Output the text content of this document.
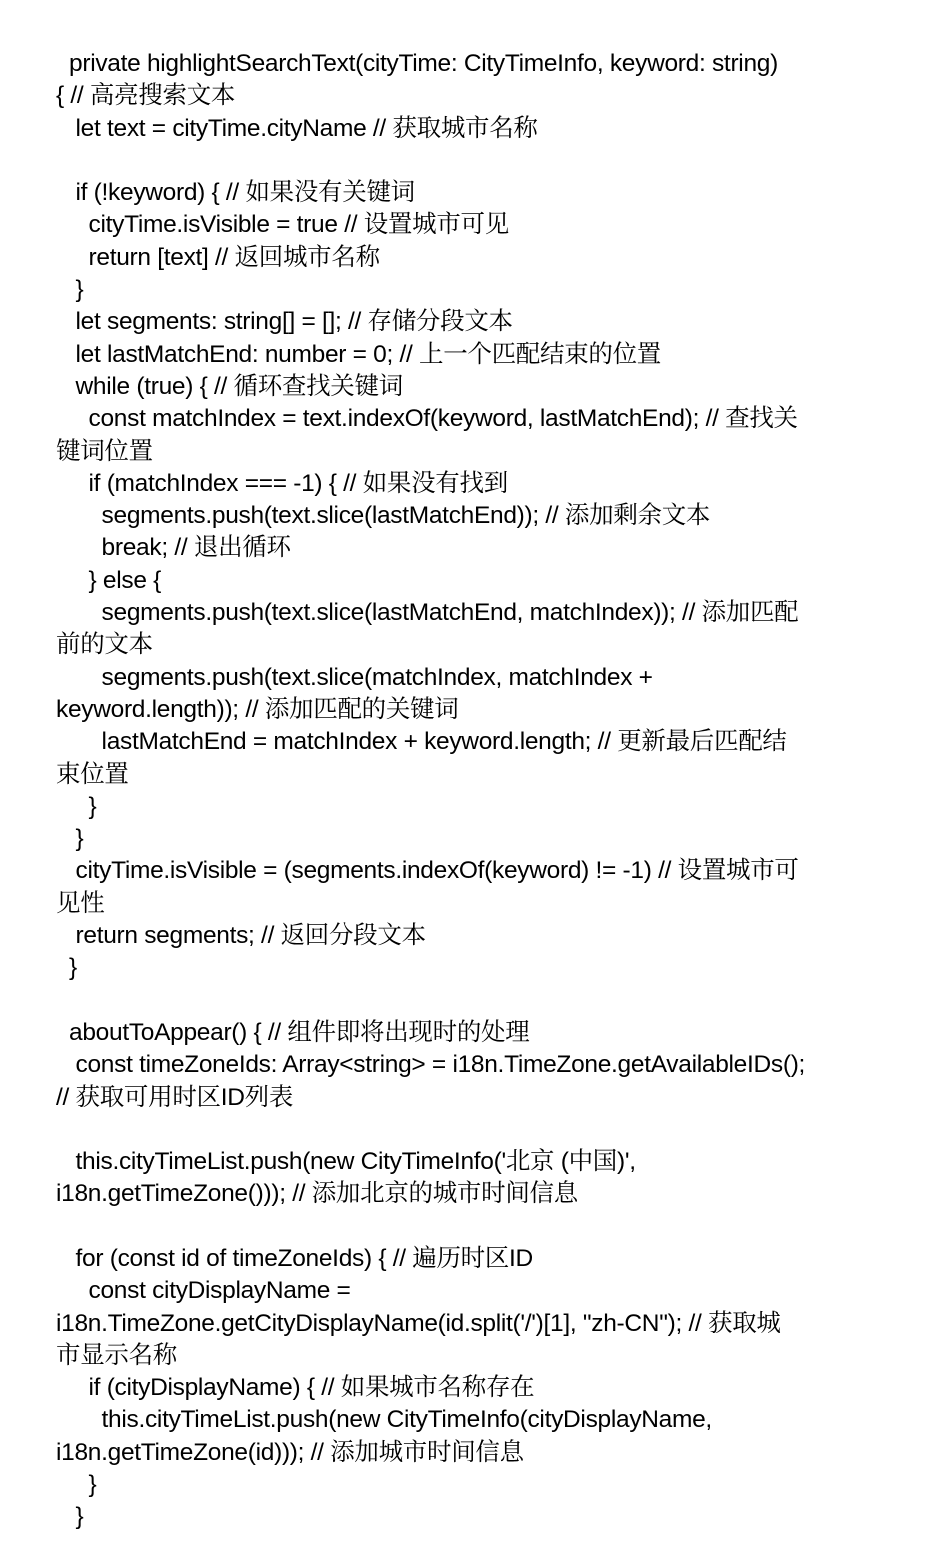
private highlightSearchText(cityTime: CityTimeInfo, keyword: string)
{ // 高亮搜索文本
let text = cityTime.cityName // 获取城市名称
if (!keyword) { // 如果没有关键词
cityTime.isVisible = true // 设置城市可见
return [text] // 返回城市名称
}
let segments: string[] = []; // 存储分段文本
let lastMatchEnd: number = 0; // 上一个匹配结束的位置
while (true) { // 循环查找关键词
const matchIndex = text.indexOf(keyword, lastMatchEnd); // 查找关
键词位置
if (matchIndex === -1) { // 如果没有找到
segments.push(text.slice(lastMatchEnd)); // 添加剩余文本
break; // 退出循环
} else {
segments.push(text.slice(lastMatchEnd, matchIndex)); // 添加匹配
前的文本
segments.push(text.slice(matchIndex, matchIndex +
keyword.length)); // 添加匹配的关键词
lastMatchEnd = matchIndex + keyword.length; // 更新最后匹配结
束位置
}
}
cityTime.isVisible = (segments.indexOf(keyword) != -1) // 设置城市可
见性
return segments; // 返回分段文本
}
aboutToAppear() { // 组件即将出现时的处理
const timeZoneIds: Array<string> = i18n.TimeZone.getAvailableIDs();
// 获取可用时区ID列表
this.cityTimeList.push(new CityTimeInfo('北京 (中国)',
i18n.getTimeZone())); // 添加北京的城市时间信息
for (const id of timeZoneIds) { // 遍历时区ID
const cityDisplayName =
i18n.TimeZone.getCityDisplayName(id.split('/')[1], "zh-CN"); // 获取城
市显示名称
if (cityDisplayName) { // 如果城市名称存在
this.cityTimeList.push(new CityTimeInfo(cityDisplayName,
i18n.getTimeZone(id))); // 添加城市时间信息
}
}
